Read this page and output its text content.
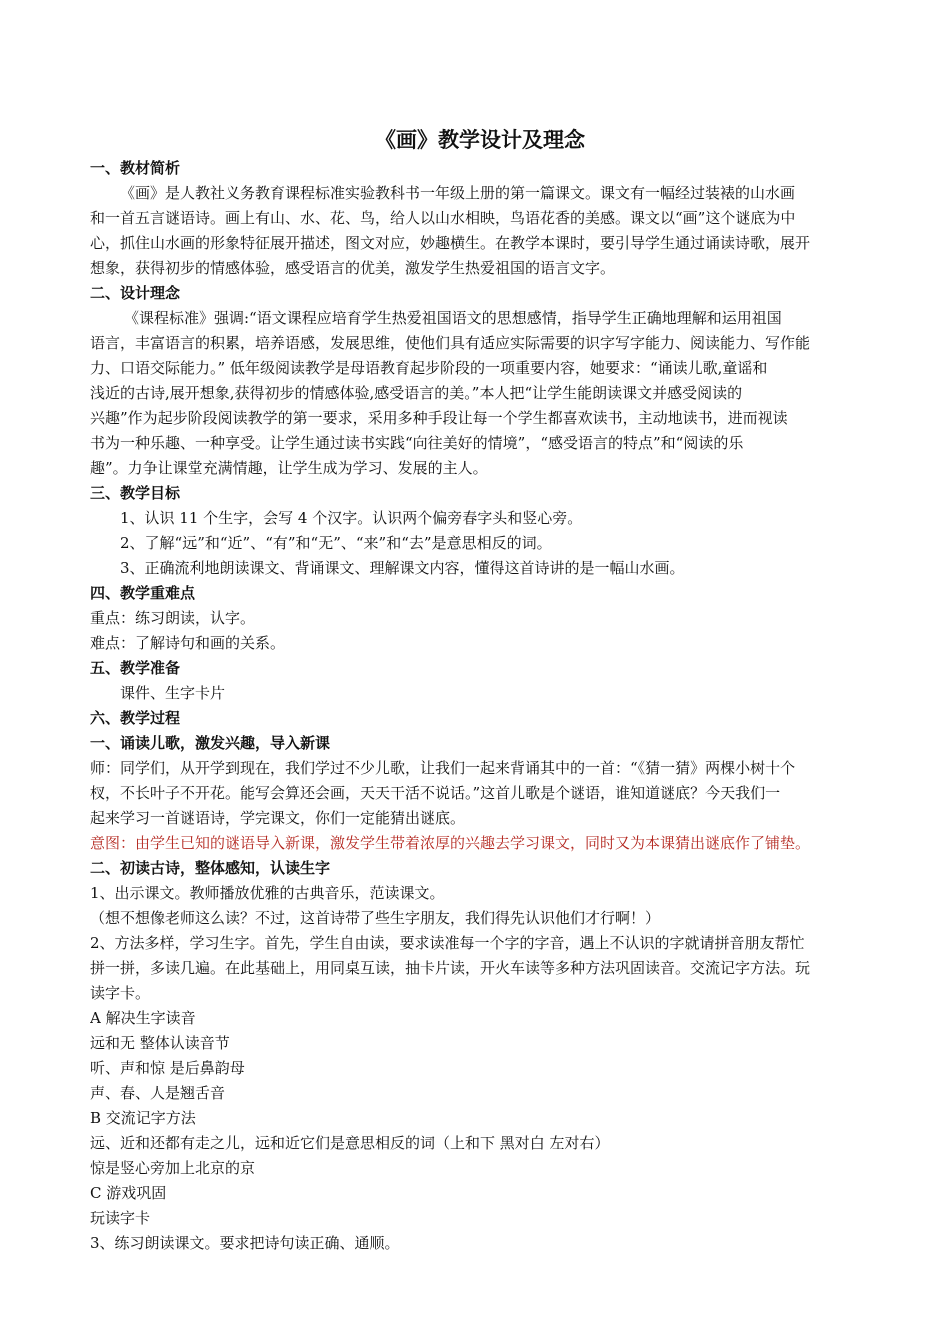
《画》教学设计及理念
一、教材简析
《画》是人教社义务教育课程标准实验教科书一年级上册的第一篇课文。课文有一幅经过装裱的山水画
和一首五言谜语诗。画上有山、水、花、鸟，给人以山水相映，鸟语花香的美感。课文以“画”这个谜底为中
心，抓住山水画的形象特征展开描述，图文对应，妙趣横生。在教学本课时，要引导学生通过诵读诗歌，展开
想象，获得初步的情感体验，感受语言的优美，激发学生热爱祖国的语言文字。
二、设计理念
《课程标准》强调:“语文课程应培育学生热爱祖国语文的思想感情，指导学生正确地理解和运用祖国
语言，丰富语言的积累，培养语感，发展思维，使他们具有适应实际需要的识字写字能力、阅读能力、写作能
力、口语交际能力。” 低年级阅读教学是母语教育起步阶段的一项重要内容，她要求：“诵读儿歌,童谣和
浅近的古诗,展开想象,获得初步的情感体验,感受语言的美。”本人把“让学生能朗读课文并感受阅读的
兴趣”作为起步阶段阅读教学的第一要求，采用多种手段让每一个学生都喜欢读书，主动地读书，进而视读
书为一种乐趣、一种享受。让学生通过读书实践“向往美好的情境”，“感受语言的特点”和“阅读的乐
趣”。力争让课堂充满情趣，让学生成为学习、发展的主人。
三、教学目标
1、认识 11 个生字，会写 4 个汉字。认识两个偏旁春字头和竖心旁。
2、了解“远”和“近”、“有”和“无”、“来”和“去”是意思相反的词。
3、正确流利地朗读课文、背诵课文、理解课文内容，懂得这首诗讲的是一幅山水画。
四、教学重难点
重点：练习朗读，认字。
难点：了解诗句和画的关系。
五、教学准备
课件、生字卡片
六、教学过程
一、诵读儿歌，激发兴趣，导入新课
师：同学们，从开学到现在，我们学过不少儿歌，让我们一起来背诵其中的一首：“《猜一猜》两棵小树十个
杈，不长叶子不开花。能写会算还会画，天天干活不说话。”这首儿歌是个谜语，谁知道谜底？今天我们一
起来学习一首谜语诗，学完课文，你们一定能猜出谜底。
意图：由学生已知的谜语导入新课，激发学生带着浓厚的兴趣去学习课文，同时又为本课猜出谜底作了铺垫。
二、初读古诗，整体感知，认读生字
1、出示课文。教师播放优雅的古典音乐，范读课文。
（想不想像老师这么读？不过，这首诗带了些生字朋友，我们得先认识他们才行啊！）
2、方法多样，学习生字。首先，学生自由读，要求读准每一个字的字音，遇上不认识的字就请拼音朋友帮忙
拼一拼，多读几遍。在此基础上，用同桌互读，抽卡片读，开火车读等多种方法巩固读音。交流记字方法。玩
读字卡。
A 解决生字读音
远和无 整体认读音节
听、声和惊 是后鼻韵母
声、春、人是翘舌音
B 交流记字方法
远、近和还都有走之儿，远和近它们是意思相反的词（上和下 黑对白 左对右）
惊是竖心旁加上北京的京
C 游戏巩固
玩读字卡
3、练习朗读课文。要求把诗句读正确、通顺。
